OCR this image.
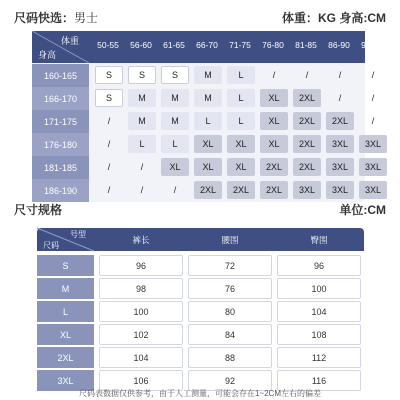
尺码快选：男士	体重：KG 身高:CM
体重
身高
50-55	56-60	61-65	66-70	71-75	76-80	81-85	86-90	91-95
160-165	S	S	S	M	L	/	/	/	/
166-170	S	M	M	M	L	XL	2XL	/	/
171-175	/	M	M	L	L	XL	2XL	2XL	/
176-180	/	L	L	XL	XL	XL	2XL	3XL	3XL
181-185	/	/	XL	XL	XL	2XL	2XL	3XL	3XL
186-190	/	/	/	2XL	2XL	2XL	3XL	3XL	3XL
尺寸规格	单位:CM
号型
尺码
裤长	腰围	臀围
S	96	72	96
M	98	76	100
L	100	80	104
XL	102	84	108
2XL	104	88	112
3XL	106	92	116
尺码表数据仅供参考，由于人工测量，可能会存在1~2CM左右的偏差
